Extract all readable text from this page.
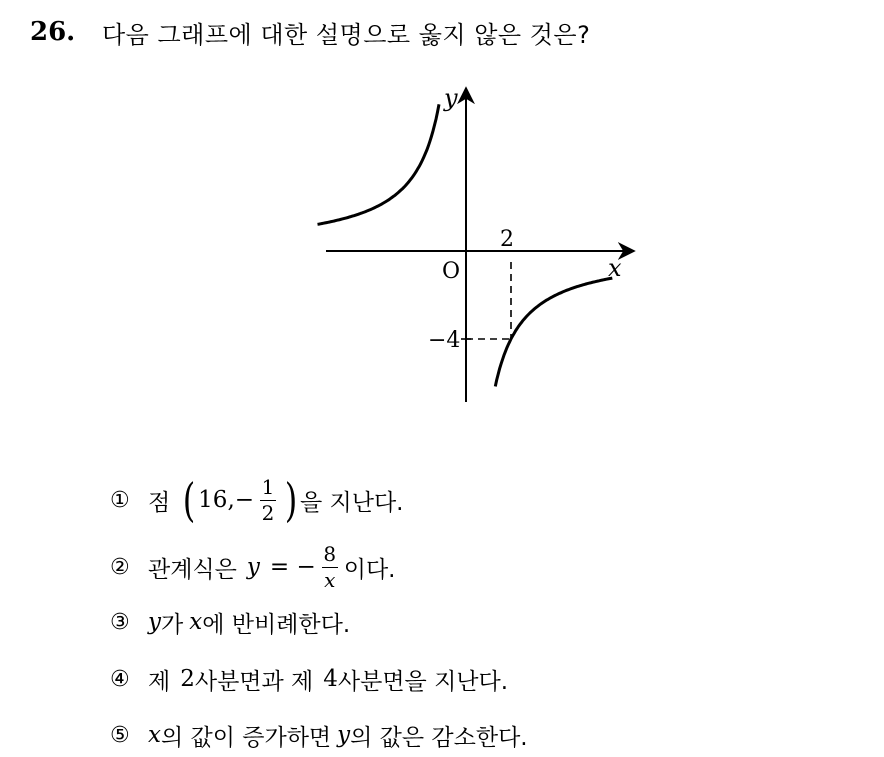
26.	다음 그래프에 대한 설명으로 옳지 않은 것은?
y
x
O
2
−4
① 점 ( 16, − $\frac{1}{2}$ ) 을 지난다.
② 관계식은 y = − $\frac{8}{x}$ 이다.
③ y 가 x 에 반비례한다.
④ 제 2 사분면과 제 4 사분면을 지난다.
⑤ x 의 값이 증가하면 y 의 값은 감소한다.
